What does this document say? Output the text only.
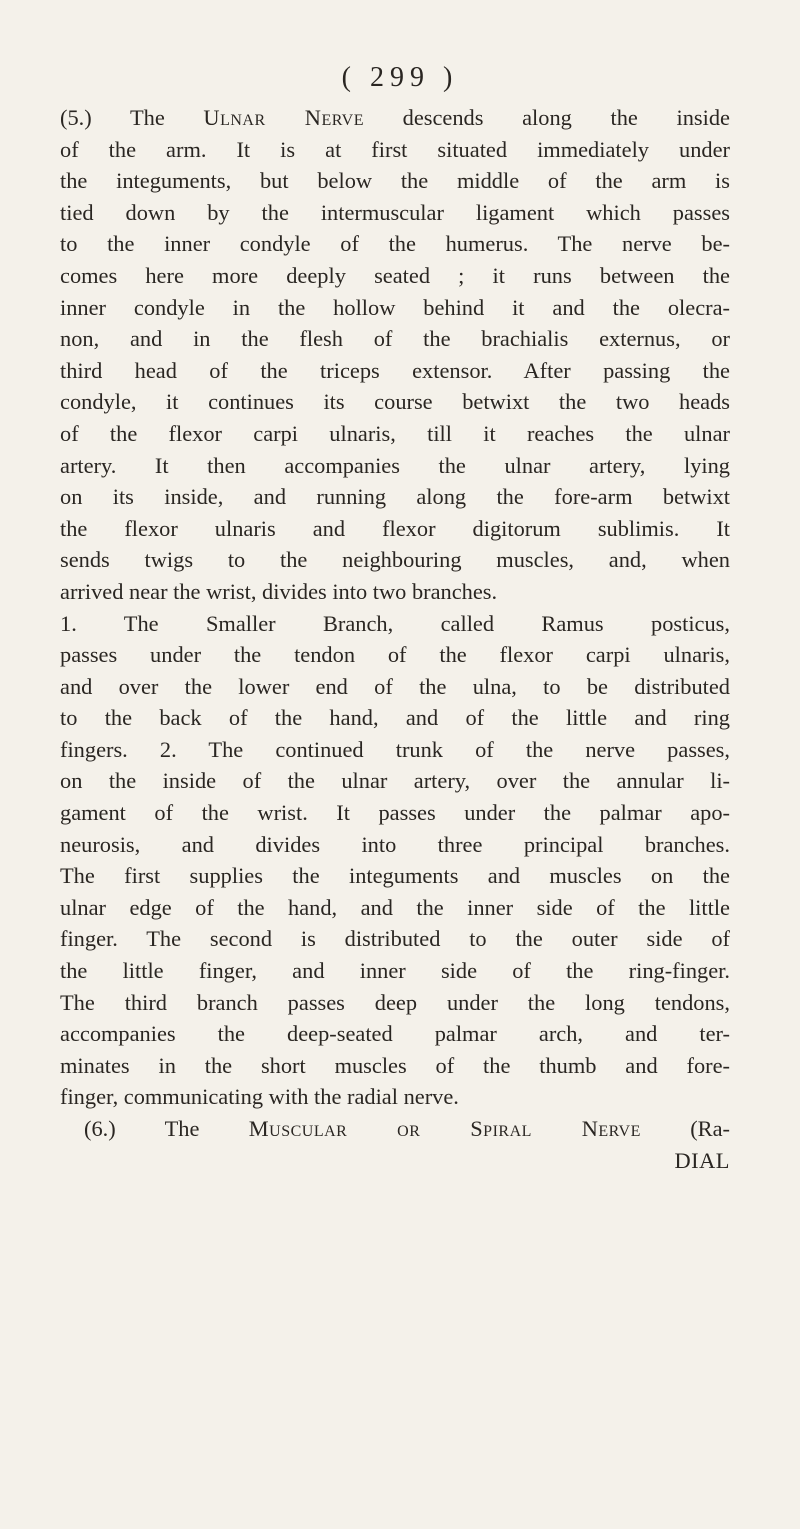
( 299 )
(5.) The Ulnar Nerve descends along the inside
of the arm. It is at first situated immediately under
the integuments, but below the middle of the arm is
tied down by the intermuscular ligament which passes
to the inner condyle of the humerus. The nerve be-
comes here more deeply seated ; it runs between the
inner condyle in the hollow behind it and the olecra-
non, and in the flesh of the brachialis externus, or
third head of the triceps extensor. After passing the
condyle, it continues its course betwixt the two heads
of the flexor carpi ulnaris, till it reaches the ulnar
artery. It then accompanies the ulnar artery, lying
on its inside, and running along the fore-arm betwixt
the flexor ulnaris and flexor digitorum sublimis. It
sends twigs to the neighbouring muscles, and, when
arrived near the wrist, divides into two branches.
1. The Smaller Branch, called Ramus posticus,
passes under the tendon of the flexor carpi ulnaris,
and over the lower end of the ulna, to be distributed
to the back of the hand, and of the little and ring
fingers. 2. The continued trunk of the nerve passes,
on the inside of the ulnar artery, over the annular li-
gament of the wrist. It passes under the palmar apo-
neurosis, and divides into three principal branches.
The first supplies the integuments and muscles on the
ulnar edge of the hand, and the inner side of the little
finger. The second is distributed to the outer side of
the little finger, and inner side of the ring-finger.
The third branch passes deep under the long tendons,
accompanies the deep-seated palmar arch, and ter-
minates in the short muscles of the thumb and fore-
finger, communicating with the radial nerve.
(6.) The Muscular or Spiral Nerve (Ra-
DIAL
